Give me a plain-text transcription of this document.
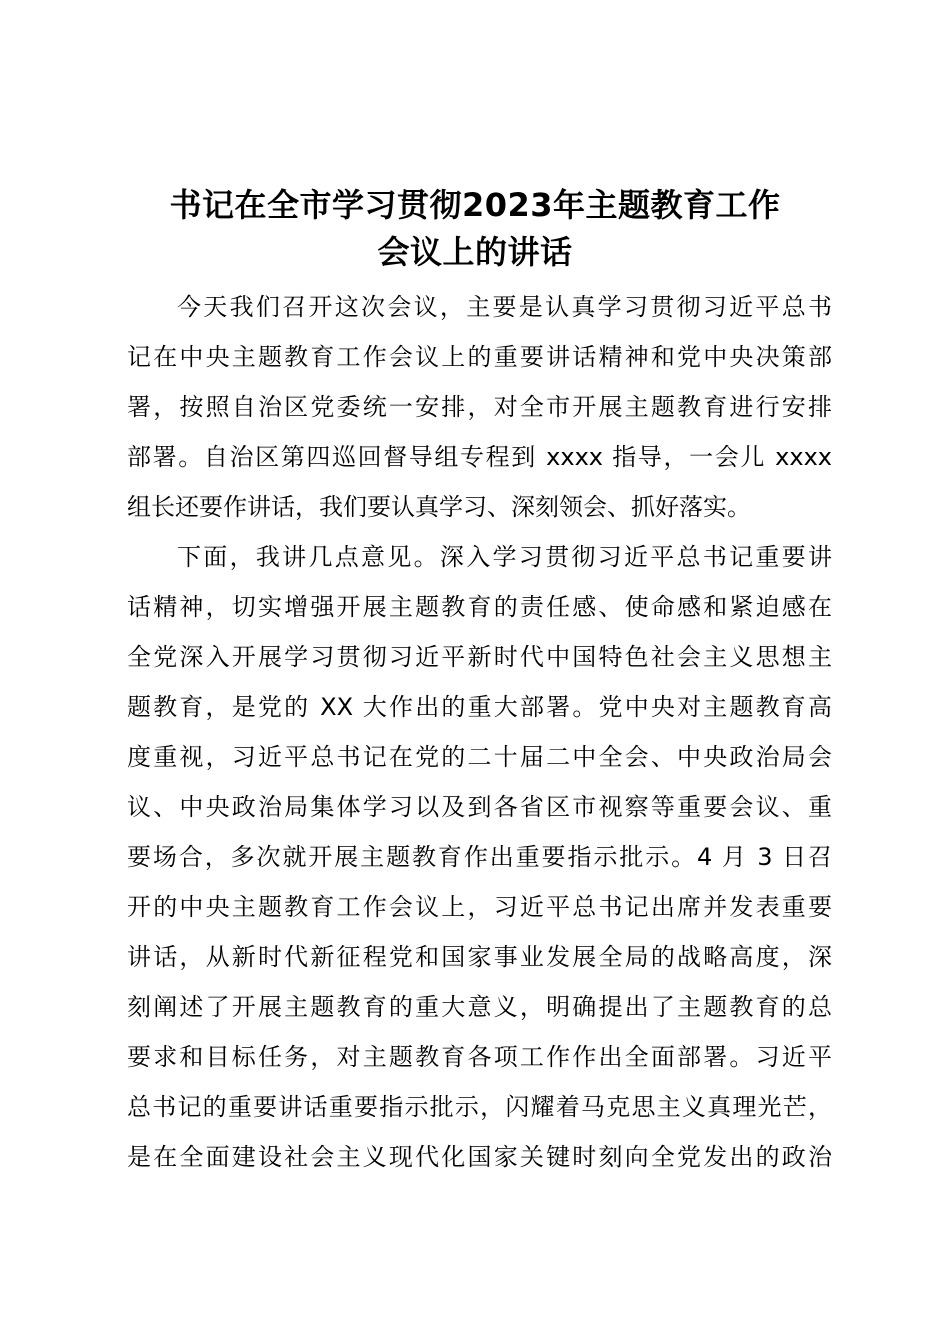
书记在全市学习贯彻2023年主题教育工作
会议上的讲话
今天我们召开这次会议，主要是认真学习贯彻习近平总书
记在中央主题教育工作会议上的重要讲话精神和党中央决策部
署，按照自治区党委统一安排，对全市开展主题教育进行安排
部署。自治区第四巡回督导组专程到 xxxx 指导，一会儿 xxxx
组长还要作讲话，我们要认真学习、深刻领会、抓好落实。
下面，我讲几点意见。深入学习贯彻习近平总书记重要讲
话精神，切实增强开展主题教育的责任感、使命感和紧迫感在
全党深入开展学习贯彻习近平新时代中国特色社会主义思想主
题教育，是党的 XX 大作出的重大部署。党中央对主题教育高
度重视，习近平总书记在党的二十届二中全会、中央政治局会
议、中央政治局集体学习以及到各省区市视察等重要会议、重
要场合，多次就开展主题教育作出重要指示批示。4 月 3 日召
开的中央主题教育工作会议上，习近平总书记出席并发表重要
讲话，从新时代新征程党和国家事业发展全局的战略高度，深
刻阐述了开展主题教育的重大意义，明确提出了主题教育的总
要求和目标任务，对主题教育各项工作作出全面部署。习近平
总书记的重要讲话重要指示批示，闪耀着马克思主义真理光芒，
是在全面建设社会主义现代化国家关键时刻向全党发出的政治
